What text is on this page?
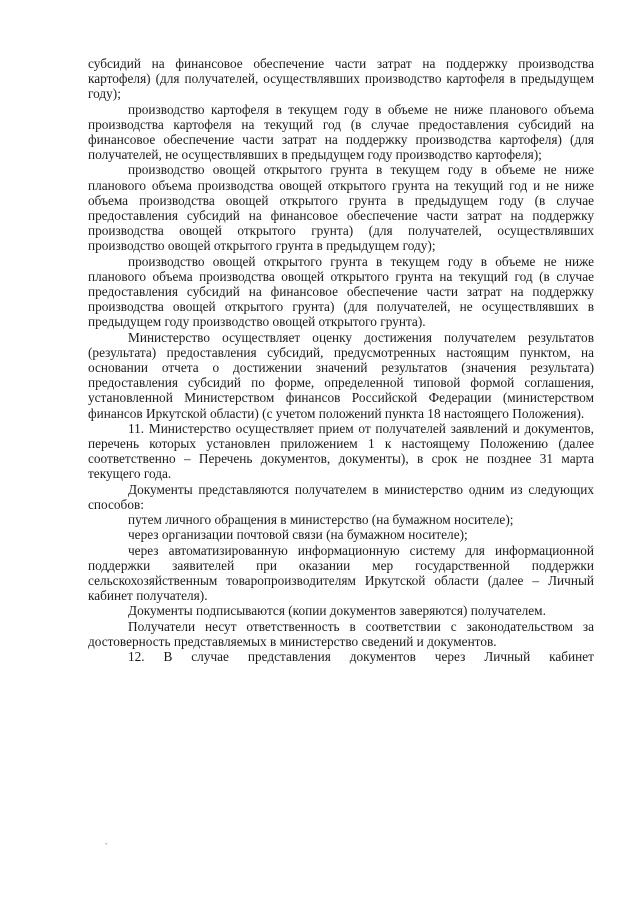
субсидий на финансовое обеспечение части затрат на поддержку производства картофеля) (для получателей, осуществлявших производство картофеля в предыдущем году);

производство картофеля в текущем году в объеме не ниже планового объема производства картофеля на текущий год (в случае предоставления субсидий на финансовое обеспечение части затрат на поддержку производства картофеля) (для получателей, не осуществлявших в предыдущем году производство картофеля);

производство овощей открытого грунта в текущем году в объеме не ниже планового объема производства овощей открытого грунта на текущий год и не ниже объема производства овощей открытого грунта в предыдущем году (в случае предоставления субсидий на финансовое обеспечение части затрат на поддержку производства овощей открытого грунта) (для получателей, осуществлявших производство овощей открытого грунта в предыдущем году);

производство овощей открытого грунта в текущем году в объеме не ниже планового объема производства овощей открытого грунта на текущий год (в случае предоставления субсидий на финансовое обеспечение части затрат на поддержку производства овощей открытого грунта) (для получателей, не осуществлявших в предыдущем году производство овощей открытого грунта).

Министерство осуществляет оценку достижения получателем результатов (результата) предоставления субсидий, предусмотренных настоящим пунктом, на основании отчета о достижении значений результатов (значения результата) предоставления субсидий по форме, определенной типовой формой соглашения, установленной Министерством финансов Российской Федерации (министерством финансов Иркутской области) (с учетом положений пункта 18 настоящего Положения).

11. Министерство осуществляет прием от получателей заявлений и документов, перечень которых установлен приложением 1 к настоящему Положению (далее соответственно – Перечень документов, документы), в срок не позднее 31 марта текущего года.

Документы представляются получателем в министерство одним из следующих способов:

путем личного обращения в министерство (на бумажном носителе);

через организации почтовой связи (на бумажном носителе);

через автоматизированную информационную систему для информационной поддержки заявителей при оказании мер государственной поддержки сельскохозяйственным товаропроизводителям Иркутской области (далее – Личный кабинет получателя).

Документы подписываются (копии документов заверяются) получателем.

Получатели несут ответственность в соответствии с законодательством за достоверность представляемых в министерство сведений и документов.

12. В случае представления документов через Личный кабинет

·
